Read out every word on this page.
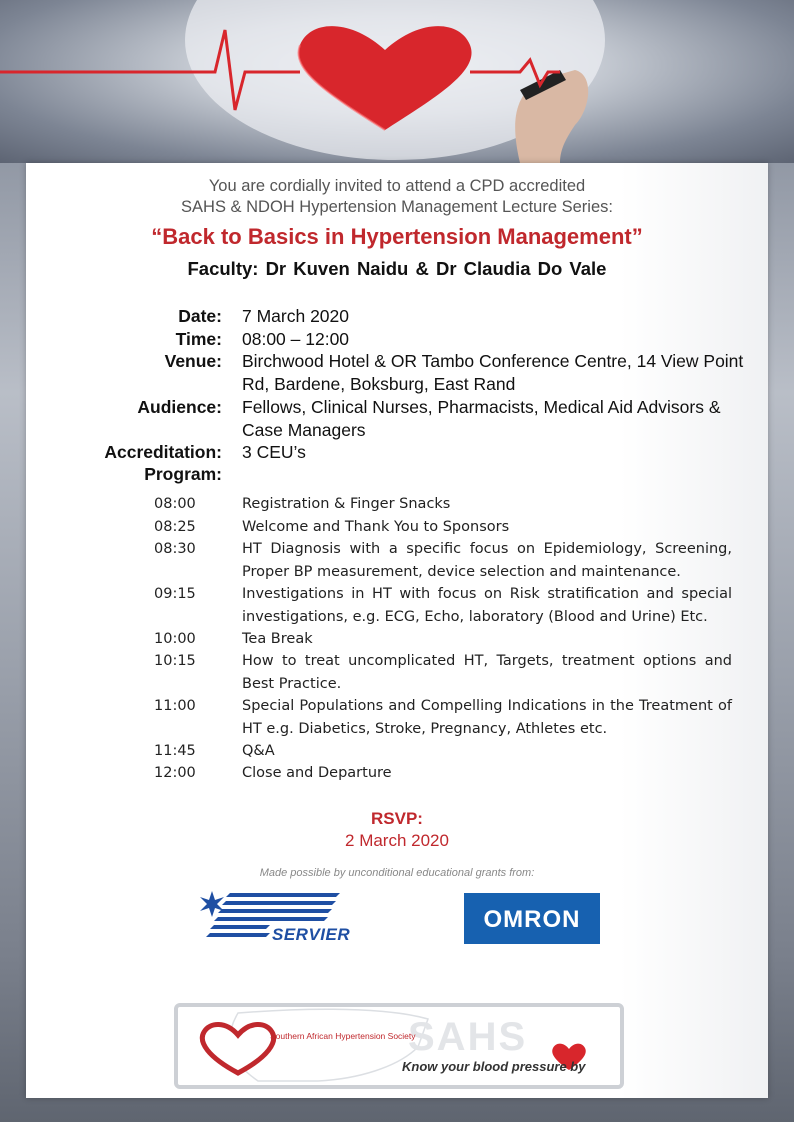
You are cordially invited to attend a CPD accredited
SAHS & NDOH Hypertension Management Lecture Series:
“Back to Basics in Hypertension Management”
Faculty: Dr Kuven Naidu & Dr Claudia Do Vale
Date: 7 March 2020
Time: 08:00 – 12:00
Venue: Birchwood Hotel & OR Tambo Conference Centre, 14 View Point Rd, Bardene, Boksburg, East Rand
Audience: Fellows, Clinical Nurses, Pharmacists, Medical Aid Advisors & Case Managers
Accreditation: 3 CEU’s
Program:
08:00	Registration & Finger Snacks
08:25	Welcome and Thank You to Sponsors
08:30	HT Diagnosis with a specific focus on Epidemiology, Screening, Proper BP measurement, device selection and maintenance.
09:15	Investigations in HT with focus on Risk stratification and special investigations, e.g. ECG, Echo, laboratory (Blood and Urine) Etc.
10:00	Tea Break
10:15	How to treat uncomplicated HT, Targets, treatment options and Best Practice.
11:00	Special Populations and Compelling Indications in the Treatment of HT e.g. Diabetics, Stroke, Pregnancy, Athletes etc.
11:45	Q&A
12:00	Close and Departure
RSVP:
2 March 2020
Made possible by unconditional educational grants from:
SERVIER
OMRON
SAHS
Southern African Hypertension Society
Know your blood pressure by
